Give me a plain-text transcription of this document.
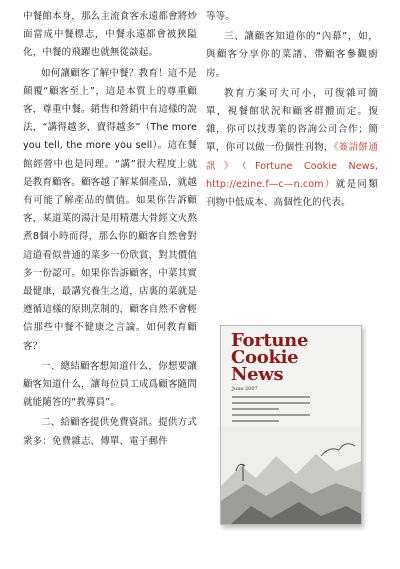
中餐館本身，那么主流食客永遠都會將炒面當成中餐標志，中餐永遠都會被狹隘化，中餐的飛躍也就無從談起。

如何讓顧客了解中餐？教育！這不是顛覆“顧客至上”，這是本質上的尊重顧客，尊重中餐。銷售和營銷中有這樣的說法，“講得越多，賣得越多”（The more you tell, the more you sell）。這在餐館經營中也是同理。“講”很大程度上就是教育顧客。顧客越了解某個產品，就越有可能了解產品的價值。如果你告訴顧客，某道菜的湯汁是用精選大骨經文火熬煮8個小時而得，那么你的顧客自然會對這道看似普通的菜多一份欣賞，對其價值多一份認可。如果你告訴顧客，中菜其實最健康，最講究養生之道，店裏的菜就是遵循這樣的原則烹制的，顧客自然不會輕信那些中餐不健康之言論。如何教育顧客？

一、總結顧客想知道什么，你想要讓顧客知道什么，讓每位員工成爲顧客隨問就能隨答的“教導員”。

二、給顧客提供免費資訊。提供方式衆多：免費雜志、傳單、電子郵件

等等。

三、讓顧客知道你的“內幕”，如，與顧客分享你的菜譜、帶顧客參觀廚房。

教育方案可大可小，可復雜可簡單，視餐館狀況和顧客群體而定。復雜，你可以找專業的咨詢公司合作；簡單，你可以做一份個性刊物，《簽語餅通訊》（Fortune Cookie News, http://ezine.f—c—n.com）就是同類刊物中低成本、高個性化的代表。

Fortune
Cookie
News
June 2007
